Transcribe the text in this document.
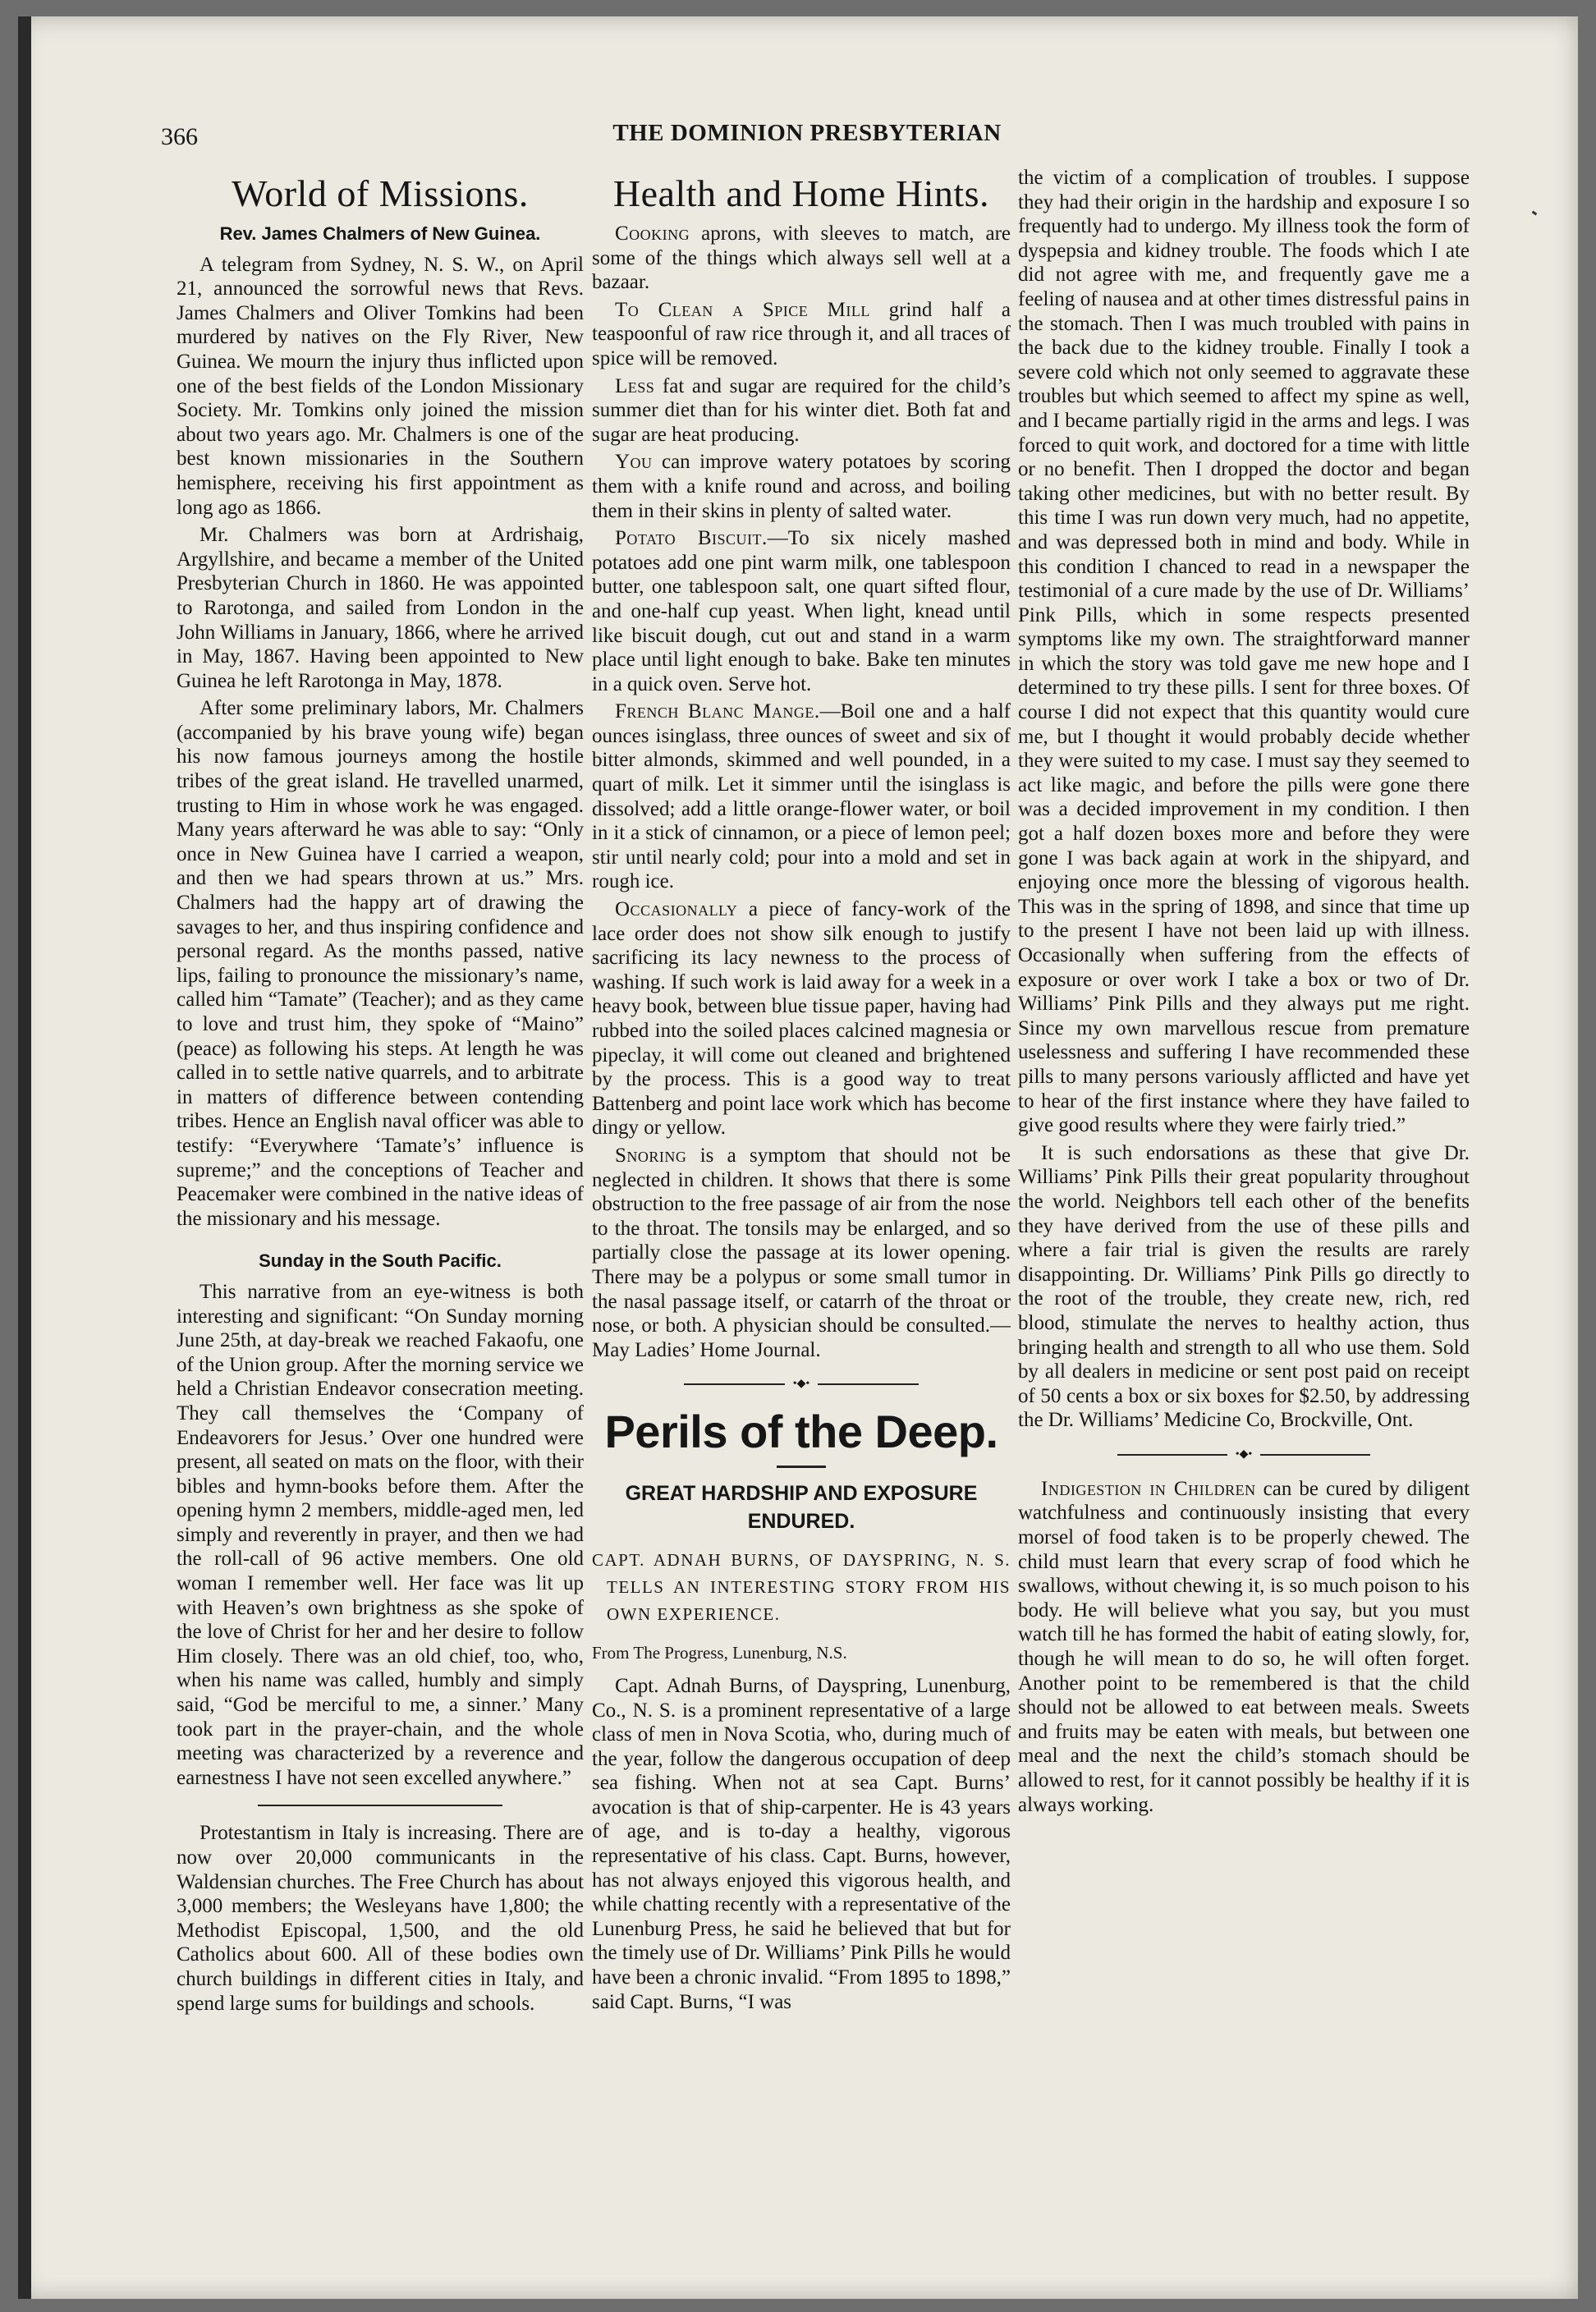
366	THE DOMINION PRESBYTERIAN
World of Missions.
Rev. James Chalmers of New Guinea.

A telegram from Sydney, N. S. W., on April 21, announced the sorrowful news that Revs. James Chalmers and Oliver Tomkins had been murdered by natives on the Fly River, New Guinea. We mourn the injury thus inflicted upon one of the best fields of the London Missionary Society. Mr. Tomkins only joined the mission about two years ago. Mr. Chalmers is one of the best known missionaries in the Southern hemisphere, receiving his first appointment as long ago as 1866.

Mr. Chalmers was born at Ardrishaig, Argyllshire, and became a member of the United Presbyterian Church in 1860. He was appointed to Rarotonga, and sailed from London in the John Williams in January, 1866, where he arrived in May, 1867. Having been appointed to New Guinea he left Rarotonga in May, 1878.

After some preliminary labors, Mr. Chalmers (accompanied by his brave young wife) began his now famous journeys among the hostile tribes of the great island. He travelled unarmed, trusting to Him in whose work he was engaged. Many years afterward he was able to say: “Only once in New Guinea have I carried a weapon, and then we had spears thrown at us.” Mrs. Chalmers had the happy art of drawing the savages to her, and thus inspiring confidence and personal regard. As the months passed, native lips, failing to pronounce the missionary’s name, called him “Tamate” (Teacher); and as they came to love and trust him, they spoke of “Maino” (peace) as following his steps. At length he was called in to settle native quarrels, and to arbitrate in matters of difference between contending tribes. Hence an English naval officer was able to testify: “Everywhere ‘Tamate’s’ influence is supreme;” and the conceptions of Teacher and Peacemaker were combined in the native ideas of the missionary and his message.

Sunday in the South Pacific.

This narrative from an eye-witness is both interesting and significant: “On Sunday morning June 25th, at day-break we reached Fakaofu, one of the Union group. After the morning service we held a Christian Endeavor consecration meeting. They call themselves the ‘Company of Endeavorers for Jesus.’ Over one hundred were present, all seated on mats on the floor, with their bibles and hymn-books before them. After the opening hymn 2 members, middle-aged men, led simply and reverently in prayer, and then we had the roll-call of 96 active members. One old woman I remember well. Her face was lit up with Heaven’s own brightness as she spoke of the love of Christ for her and her desire to follow Him closely. There was an old chief, too, who, when his name was called, humbly and simply said, “God be merciful to me, a sinner.’ Many took part in the prayer-chain, and the whole meeting was characterized by a reverence and earnestness I have not seen excelled anywhere.”

Protestantism in Italy is increasing. There are now over 20,000 communicants in the Waldensian churches. The Free Church has about 3,000 members; the Wesleyans have 1,800; the Methodist Episcopal, 1,500, and the old Catholics about 600. All of these bodies own church buildings in different cities in Italy, and spend large sums for buildings and schools.

Health and Home Hints.

Cooking aprons, with sleeves to match, are some of the things which always sell well at a bazaar.

To Clean a Spice Mill grind half a teaspoonful of raw rice through it, and all traces of spice will be removed.

Less fat and sugar are required for the child’s summer diet than for his winter diet. Both fat and sugar are heat producing.

You can improve watery potatoes by scoring them with a knife round and across, and boiling them in their skins in plenty of salted water.

Potato Biscuit.—To six nicely mashed potatoes add one pint warm milk, one tablespoon butter, one tablespoon salt, one quart sifted flour, and one-half cup yeast. When light, knead until like biscuit dough, cut out and stand in a warm place until light enough to bake. Bake ten minutes in a quick oven. Serve hot.

French Blanc Mange.—Boil one and a half ounces isinglass, three ounces of sweet and six of bitter almonds, skimmed and well pounded, in a quart of milk. Let it simmer until the isinglass is dissolved; add a little orange-flower water, or boil in it a stick of cinnamon, or a piece of lemon peel; stir until nearly cold; pour into a mold and set in rough ice.

Occasionally a piece of fancy-work of the lace order does not show silk enough to justify sacrificing its lacy newness to the process of washing. If such work is laid away for a week in a heavy book, between blue tissue paper, having had rubbed into the soiled places calcined magnesia or pipeclay, it will come out cleaned and brightened by the process. This is a good way to treat Battenberg and point lace work which has become dingy or yellow.

Snoring is a symptom that should not be neglected in children. It shows that there is some obstruction to the free passage of air from the nose to the throat. The tonsils may be enlarged, and so partially close the passage at its lower opening. There may be a polypus or some small tumor in the nasal passage itself, or catarrh of the throat or nose, or both. A physician should be consulted.—May Ladies’ Home Journal.

•◆•
Perils of the Deep.
GREAT HARDSHIP AND EXPOSURE ENDURED.
CAPT. ADNAH BURNS, OF DAYSPRING, N. S. TELLS AN INTERESTING STORY FROM HIS OWN EXPERIENCE.
From The Progress, Lunenburg, N.S.

Capt. Adnah Burns, of Dayspring, Lunenburg, Co., N. S. is a prominent representative of a large class of men in Nova Scotia, who, during much of the year, follow the dangerous occupation of deep sea fishing. When not at sea Capt. Burns’ avocation is that of ship-carpenter. He is 43 years of age, and is to-day a healthy, vigorous representative of his class. Capt. Burns, however, has not always enjoyed this vigorous health, and while chatting recently with a representative of the Lunenburg Press, he said he believed that but for the timely use of Dr. Williams’ Pink Pills he would have been a chronic invalid. “From 1895 to 1898,” said Capt. Burns, “I was

the victim of a complication of troubles. I suppose they had their origin in the hardship and exposure I so frequently had to undergo. My illness took the form of dyspepsia and kidney trouble. The foods which I ate did not agree with me, and frequently gave me a feeling of nausea and at other times distressful pains in the stomach. Then I was much troubled with pains in the back due to the kidney trouble. Finally I took a severe cold which not only seemed to aggravate these troubles but which seemed to affect my spine as well, and I became partially rigid in the arms and legs. I was forced to quit work, and doctored for a time with little or no benefit. Then I dropped the doctor and began taking other medicines, but with no better result. By this time I was run down very much, had no appetite, and was depressed both in mind and body. While in this condition I chanced to read in a newspaper the testimonial of a cure made by the use of Dr. Williams’ Pink Pills, which in some respects presented symptoms like my own. The straightforward manner in which the story was told gave me new hope and I determined to try these pills. I sent for three boxes. Of course I did not expect that this quantity would cure me, but I thought it would probably decide whether they were suited to my case. I must say they seemed to act like magic, and before the pills were gone there was a decided improvement in my condition. I then got a half dozen boxes more and before they were gone I was back again at work in the shipyard, and enjoying once more the blessing of vigorous health. This was in the spring of 1898, and since that time up to the present I have not been laid up with illness. Occasionally when suffering from the effects of exposure or over work I take a box or two of Dr. Williams’ Pink Pills and they always put me right. Since my own marvellous rescue from premature uselessness and suffering I have recommended these pills to many persons variously afflicted and have yet to hear of the first instance where they have failed to give good results where they were fairly tried.”

It is such endorsations as these that give Dr. Williams’ Pink Pills their great popularity throughout the world. Neighbors tell each other of the benefits they have derived from the use of these pills and where a fair trial is given the results are rarely disappointing. Dr. Williams’ Pink Pills go directly to the root of the trouble, they create new, rich, red blood, stimulate the nerves to healthy action, thus bringing health and strength to all who use them. Sold by all dealers in medicine or sent post paid on receipt of 50 cents a box or six boxes for $2.50, by addressing the Dr. Williams’ Medicine Co, Brockville, Ont.

•◆•

Indigestion in Children can be cured by diligent watchfulness and continuously insisting that every morsel of food taken is to be properly chewed. The child must learn that every scrap of food which he swallows, without chewing it, is so much poison to his body. He will believe what you say, but you must watch till he has formed the habit of eating slowly, for, though he will mean to do so, he will often forget. Another point to be remembered is that the child should not be allowed to eat between meals. Sweets and fruits may be eaten with meals, but between one meal and the next the child’s stomach should be allowed to rest, for it cannot possibly be healthy if it is always working.
